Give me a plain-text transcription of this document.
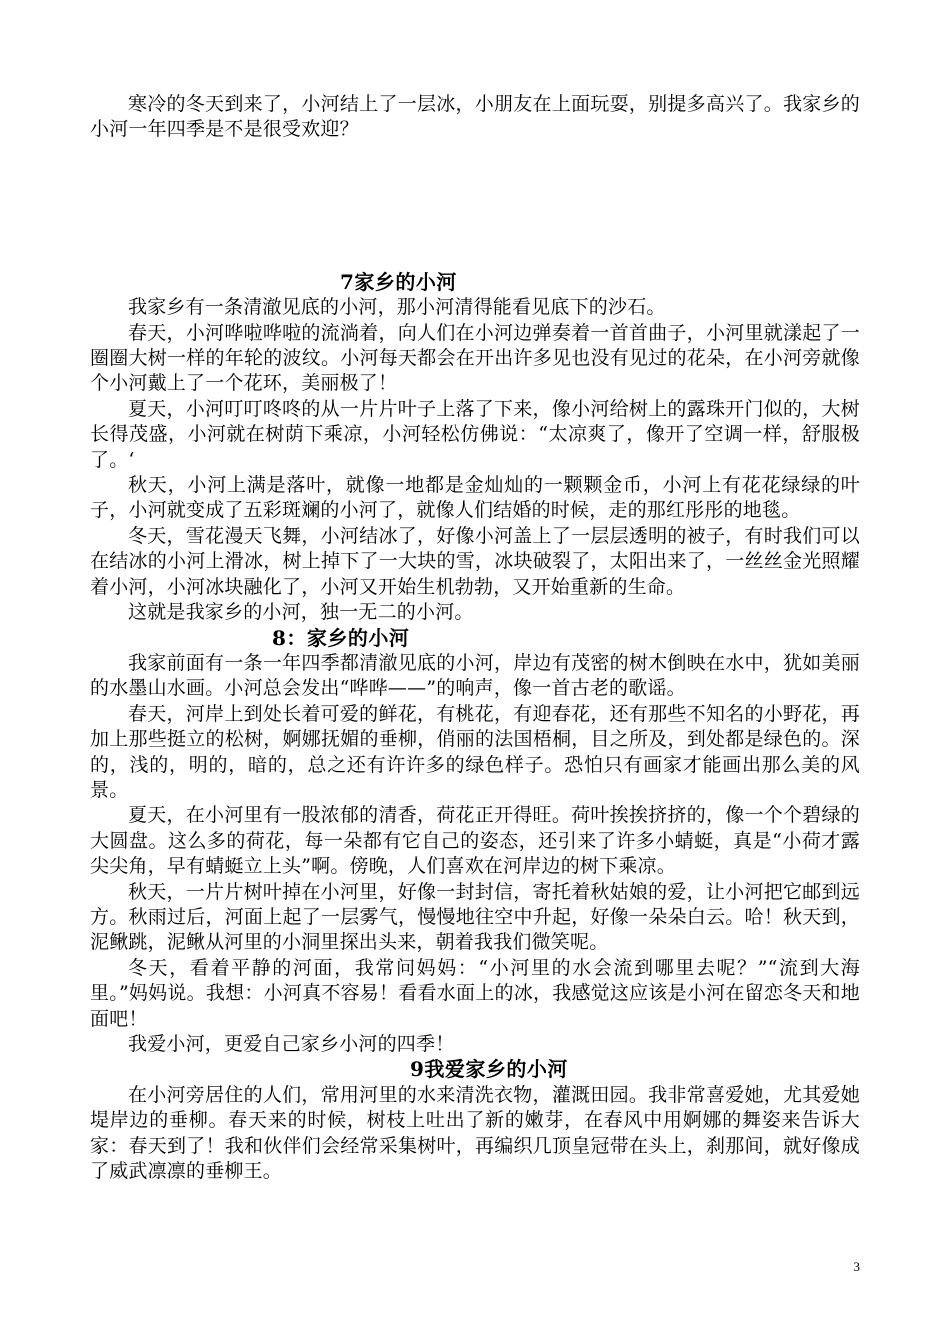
寒冷的冬天到来了，小河结上了一层冰，小朋友在上面玩耍，别提多高兴了。我家乡的小河一年四季是不是很受欢迎？

7家乡的小河

我家乡有一条清澈见底的小河，那小河清得能看见底下的沙石。

春天，小河哗啦哗啦的流淌着，向人们在小河边弹奏着一首首曲子，小河里就漾起了一圈圈大树一样的年轮的波纹。小河每天都会在开出许多见也没有见过的花朵，在小河旁就像个小河戴上了一个花环，美丽极了！

夏天，小河叮叮咚咚的从一片片叶子上落了下来，像小河给树上的露珠开门似的，大树长得茂盛，小河就在树荫下乘凉，小河轻松仿佛说：“太凉爽了，像开了空调一样，舒服极了。‘

秋天，小河上满是落叶，就像一地都是金灿灿的一颗颗金币，小河上有花花绿绿的叶子，小河就变成了五彩斑斓的小河了，就像人们结婚的时候，走的那红彤彤的地毯。

冬天，雪花漫天飞舞，小河结冰了，好像小河盖上了一层层透明的被子，有时我们可以在结冰的小河上滑冰，树上掉下了一大块的雪，冰块破裂了，太阳出来了，一丝丝金光照耀着小河，小河冰块融化了，小河又开始生机勃勃，又开始重新的生命。

这就是我家乡的小河，独一无二的小河。

8：家乡的小河

我家前面有一条一年四季都清澈见底的小河，岸边有茂密的树木倒映在水中，犹如美丽的水墨山水画。小河总会发出“哗哗——”的响声，像一首古老的歌谣。

春天，河岸上到处长着可爱的鲜花，有桃花，有迎春花，还有那些不知名的小野花，再加上那些挺立的松树，婀娜抚媚的垂柳，俏丽的法国梧桐，目之所及，到处都是绿色的。深的，浅的，明的，暗的，总之还有许许多的绿色样子。恐怕只有画家才能画出那么美的风景。

夏天，在小河里有一股浓郁的清香，荷花正开得旺。荷叶挨挨挤挤的，像一个个碧绿的大圆盘。这么多的荷花，每一朵都有它自己的姿态，还引来了许多小蜻蜓，真是“小荷才露尖尖角，早有蜻蜓立上头”啊。傍晚，人们喜欢在河岸边的树下乘凉。

秋天，一片片树叶掉在小河里，好像一封封信，寄托着秋姑娘的爱，让小河把它邮到远方。秋雨过后，河面上起了一层雾气，慢慢地往空中升起，好像一朵朵白云。哈！秋天到，泥鳅跳，泥鳅从河里的小洞里探出头来，朝着我我们微笑呢。

冬天，看着平静的河面，我常问妈妈：“小河里的水会流到哪里去呢？”“流到大海里。”妈妈说。我想：小河真不容易！看看水面上的冰，我感觉这应该是小河在留恋冬天和地面吧！

我爱小河，更爱自己家乡小河的四季！

9我爱家乡的小河

在小河旁居住的人们，常用河里的水来清洗衣物，灌溉田园。我非常喜爱她，尤其爱她堤岸边的垂柳。春天来的时候，树枝上吐出了新的嫩芽，在春风中用婀娜的舞姿来告诉大家：春天到了！我和伙伴们会经常采集树叶，再编织几顶皇冠带在头上，刹那间，就好像成了威武凛凛的垂柳王。

3
